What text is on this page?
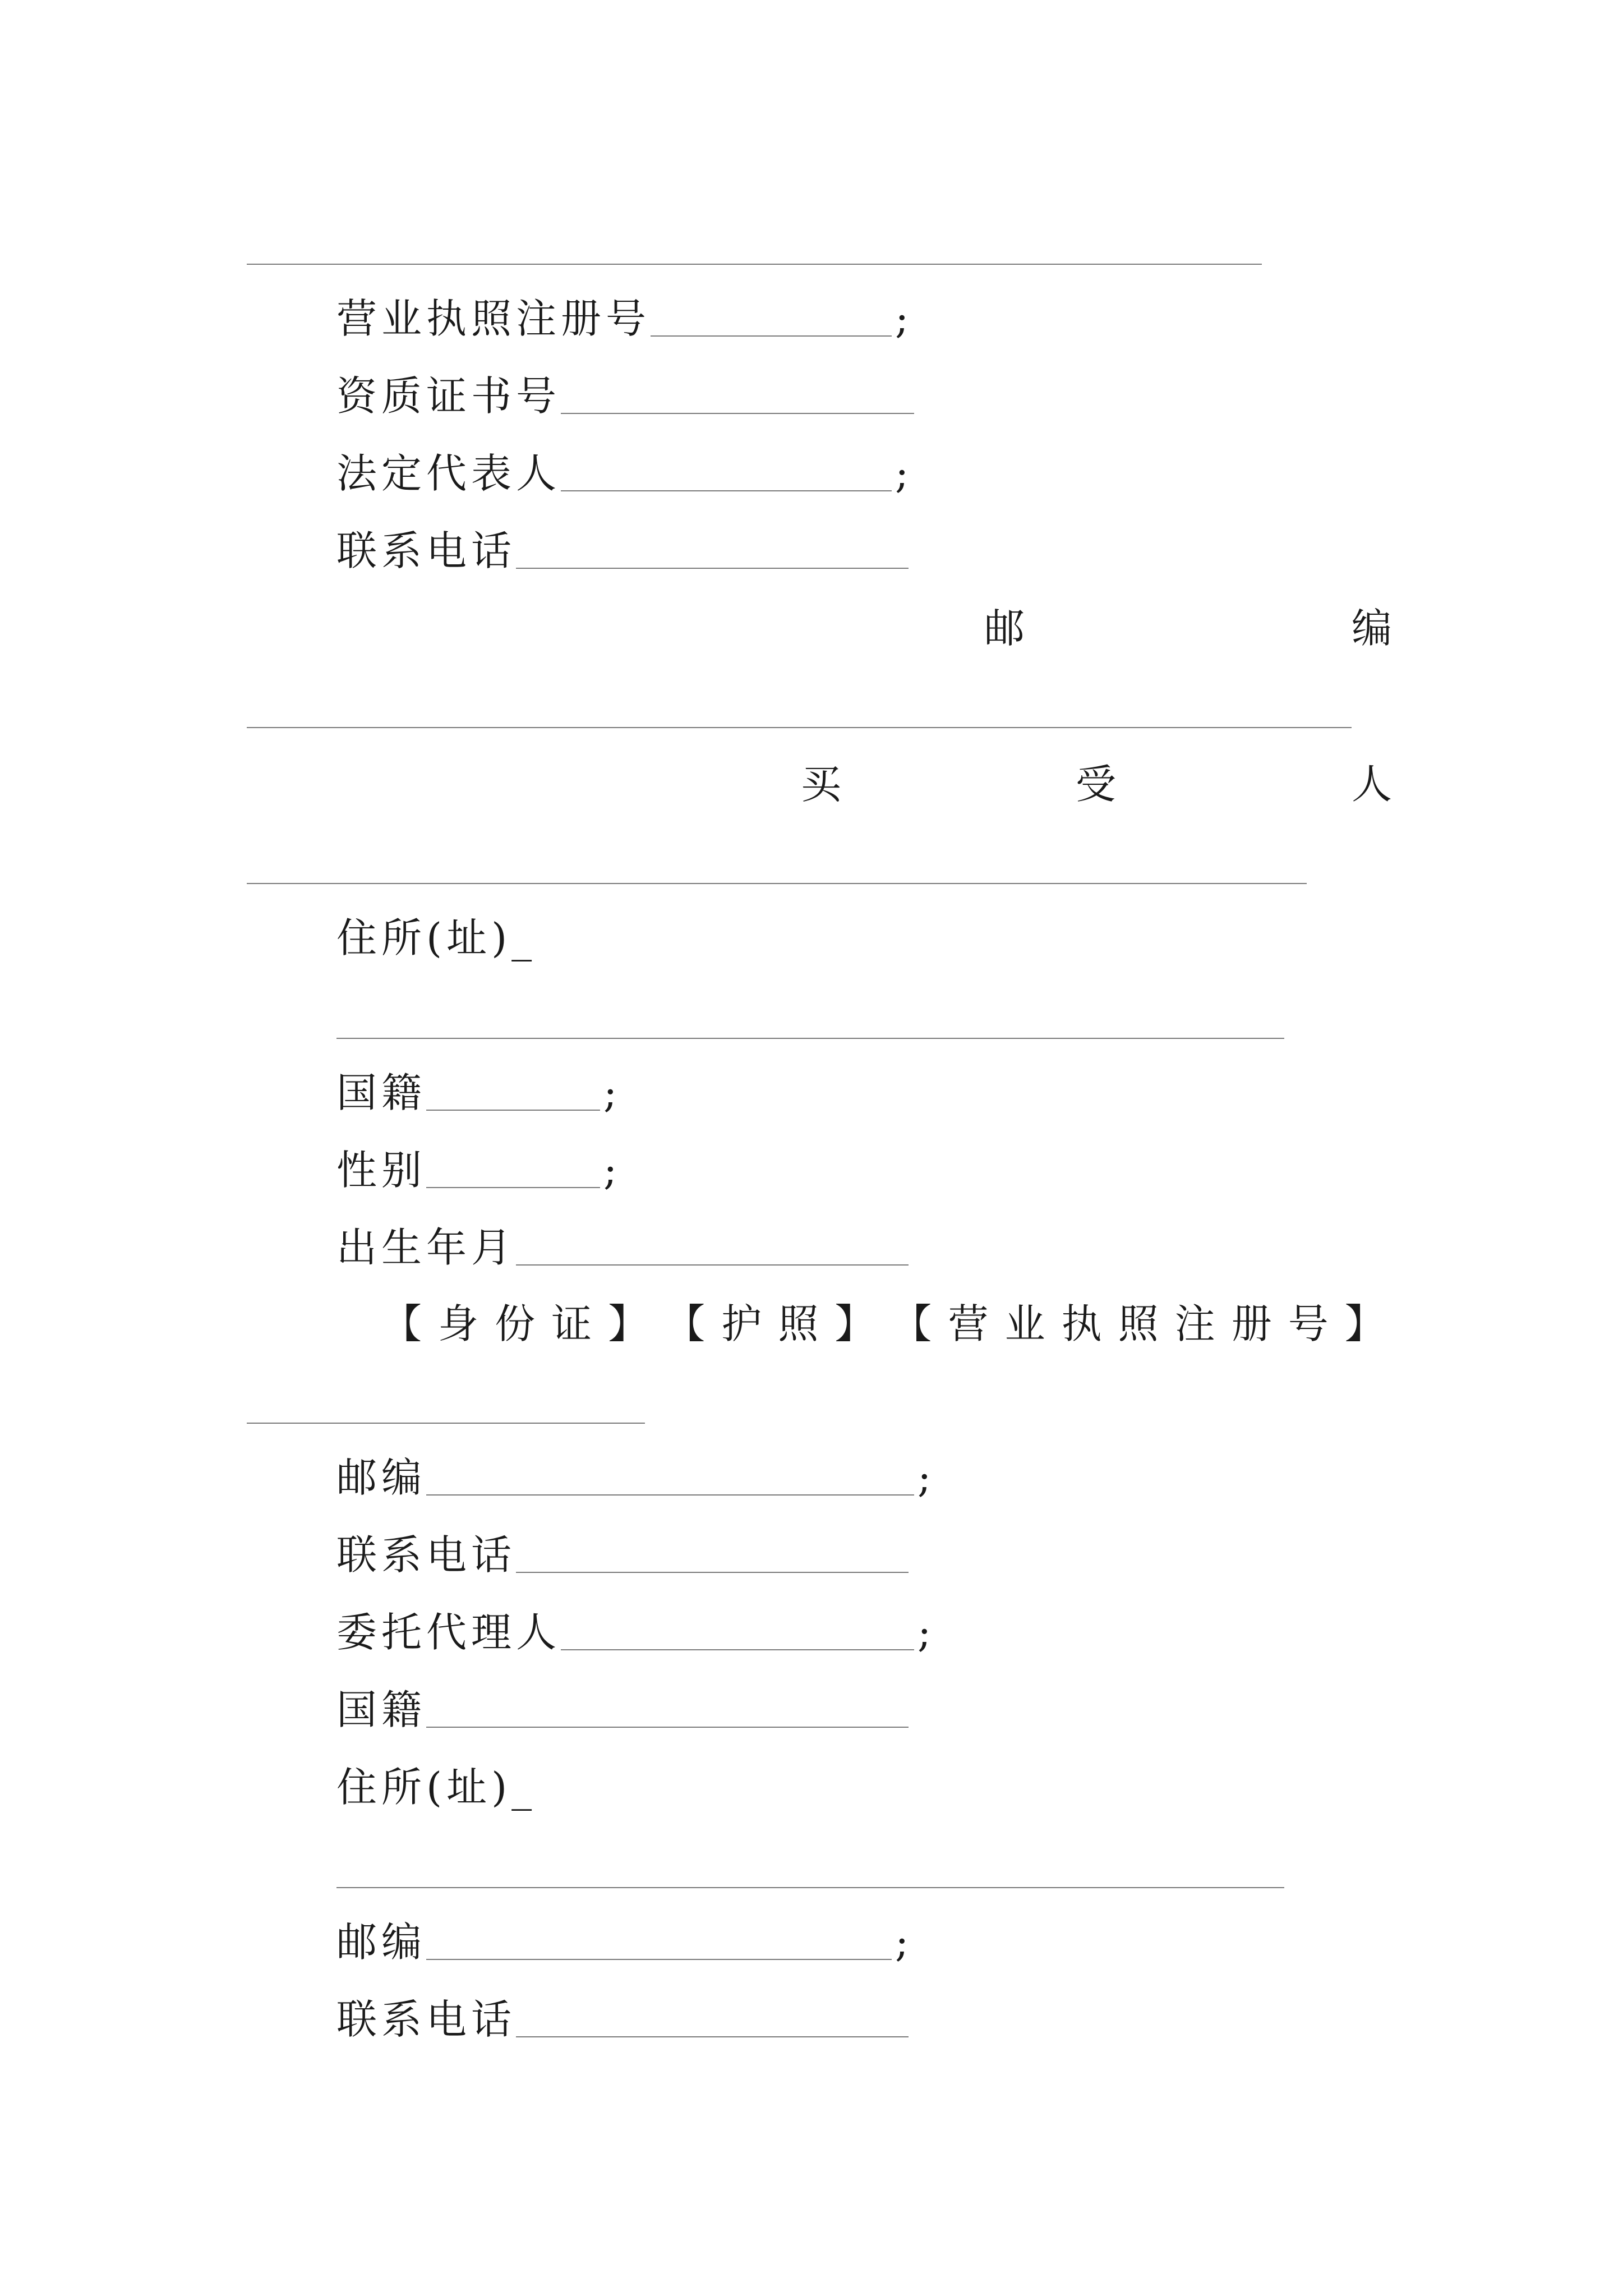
营业执照注册号	;
资质证书号
法定代表人	;
联系电话
邮	编
买	受	人
住所(址)_
国籍	;
性别	;
出生年月
【 身 份 证 】 【 护 照 】 【 营 业 执 照 注 册 号 】
邮编	;
联系电话
委托代理人	;
国籍
住所(址)_
邮编	;
联系电话
